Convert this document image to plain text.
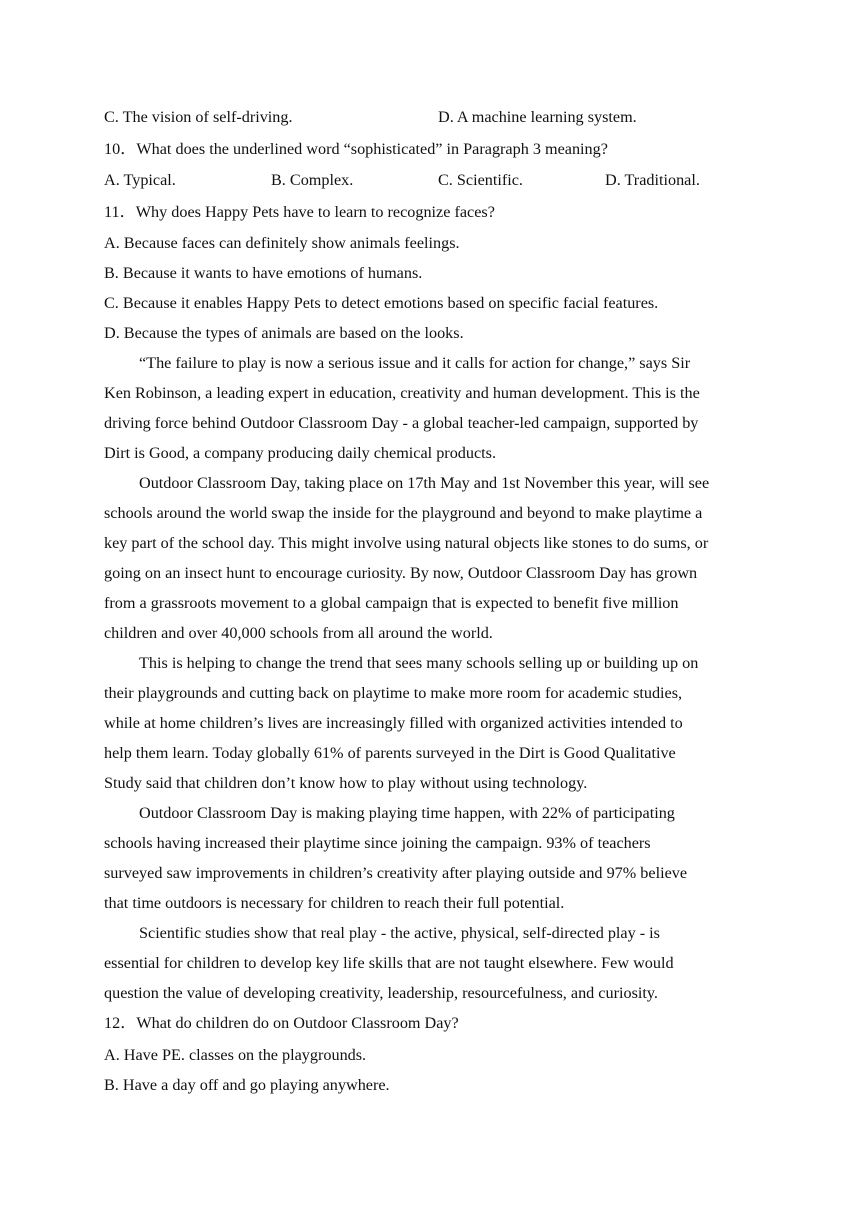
C. The vision of self-driving.	D. A machine learning system.
10．What does the underlined word “sophisticated” in Paragraph 3 meaning?
A. Typical.	B. Complex.	C. Scientific.	D. Traditional.
11．Why does Happy Pets have to learn to recognize faces?
A. Because faces can definitely show animals feelings.
B. Because it wants to have emotions of humans.
C. Because it enables Happy Pets to detect emotions based on specific facial features.
D. Because the types of animals are based on the looks.
“The failure to play is now a serious issue and it calls for action for change,” says Sir
Ken Robinson, a leading expert in education, creativity and human development. This is the
driving force behind Outdoor Classroom Day - a global teacher-led campaign, supported by
Dirt is Good, a company producing daily chemical products.
Outdoor Classroom Day, taking place on 17th May and 1st November this year, will see
schools around the world swap the inside for the playground and beyond to make playtime a
key part of the school day. This might involve using natural objects like stones to do sums, or
going on an insect hunt to encourage curiosity. By now, Outdoor Classroom Day has grown
from a grassroots movement to a global campaign that is expected to benefit five million
children and over 40,000 schools from all around the world.
This is helping to change the trend that sees many schools selling up or building up on
their playgrounds and cutting back on playtime to make more room for academic studies,
while at home children’s lives are increasingly filled with organized activities intended to
help them learn. Today globally 61% of parents surveyed in the Dirt is Good Qualitative
Study said that children don’t know how to play without using technology.
Outdoor Classroom Day is making playing time happen, with 22% of participating
schools having increased their playtime since joining the campaign. 93% of teachers
surveyed saw improvements in children’s creativity after playing outside and 97% believe
that time outdoors is necessary for children to reach their full potential.
Scientific studies show that real play - the active, physical, self-directed play - is
essential for children to develop key life skills that are not taught elsewhere. Few would
question the value of developing creativity, leadership, resourcefulness, and curiosity.
12．What do children do on Outdoor Classroom Day?
A. Have PE. classes on the playgrounds.
B. Have a day off and go playing anywhere.
